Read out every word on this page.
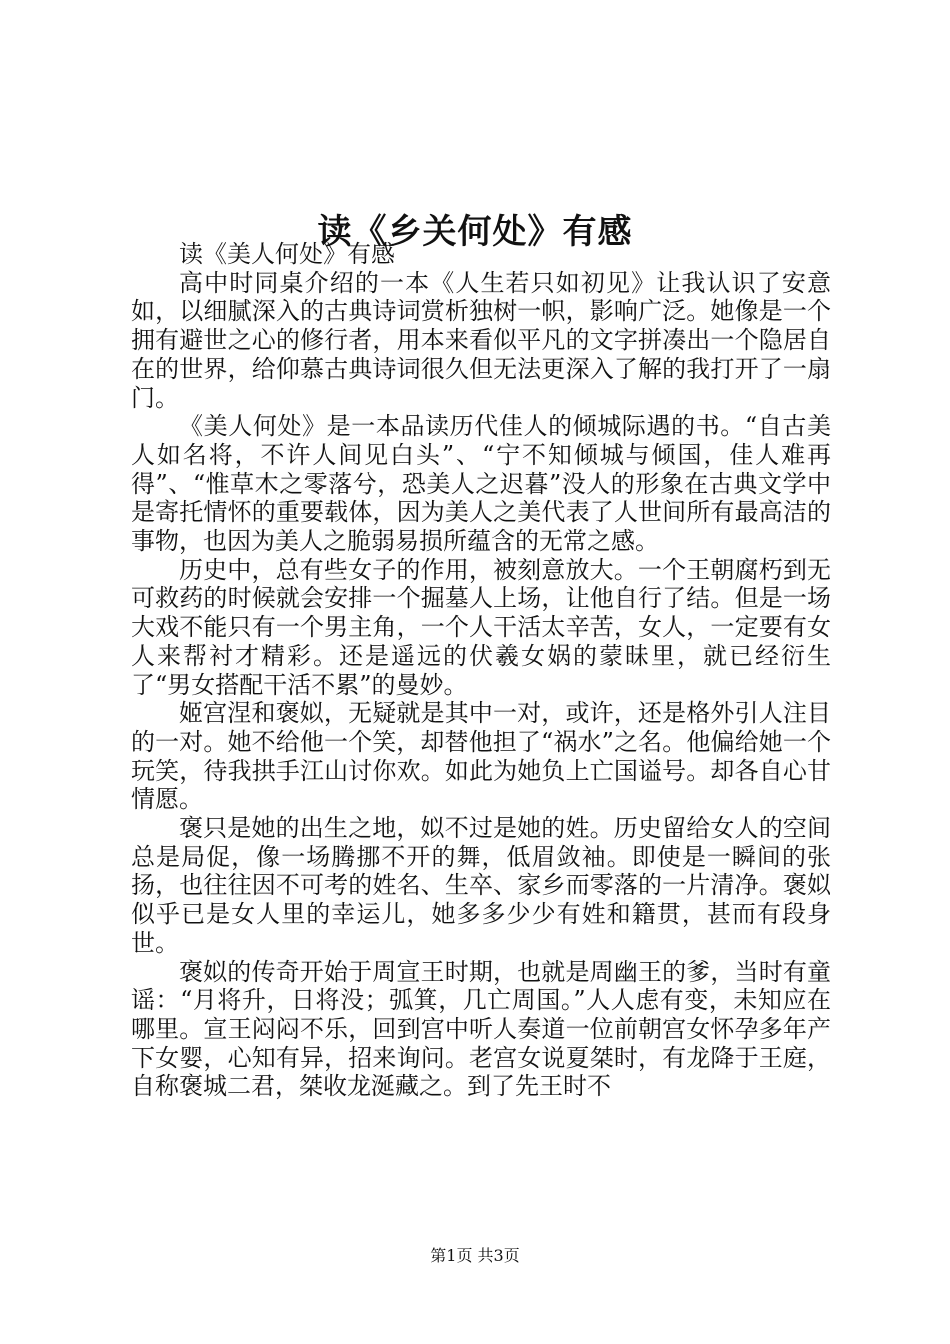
读《乡关何处》有感

读《美人何处》有感

高中时同桌介绍的一本《人生若只如初见》让我认识了安意如，以细腻深入的古典诗词赏析独树一帜，影响广泛。她像是一个拥有避世之心的修行者，用本来看似平凡的文字拼凑出一个隐居自在的世界，给仰慕古典诗词很久但无法更深入了解的我打开了一扇门。

《美人何处》是一本品读历代佳人的倾城际遇的书。“自古美人如名将，不许人间见白头”、“宁不知倾城与倾国，佳人难再得”、“惟草木之零落兮，恐美人之迟暮”没人的形象在古典文学中是寄托情怀的重要载体，因为美人之美代表了人世间所有最高洁的事物，也因为美人之脆弱易损所蕴含的无常之感。

历史中，总有些女子的作用，被刻意放大。一个王朝腐朽到无可救药的时候就会安排一个掘墓人上场，让他自行了结。但是一场大戏不能只有一个男主角，一个人干活太辛苦，女人，一定要有女人来帮衬才精彩。还是遥远的伏羲女娲的蒙昧里，就已经衍生了“男女搭配干活不累”的曼妙。

姬宫涅和褒姒，无疑就是其中一对，或许，还是格外引人注目的一对。她不给他一个笑，却替他担了“祸水”之名。他偏给她一个玩笑，待我拱手江山讨你欢。如此为她负上亡国谥号。却各自心甘情愿。

褒只是她的出生之地，姒不过是她的姓。历史留给女人的空间总是局促，像一场腾挪不开的舞，低眉敛袖。即使是一瞬间的张扬，也往往因不可考的姓名、生卒、家乡而零落的一片清净。褒姒似乎已是女人里的幸运儿，她多多少少有姓和籍贯，甚而有段身世。

褒姒的传奇开始于周宣王时期，也就是周幽王的爹，当时有童谣：“月将升，日将没；弧箕，几亡周国。”人人虑有变，未知应在哪里。宣王闷闷不乐，回到宫中听人奏道一位前朝宫女怀孕多年产下女婴，心知有异，招来询问。老宫女说夏桀时，有龙降于王庭，自称褒城二君，桀收龙涎藏之。到了先王时不

第1页 共3页
